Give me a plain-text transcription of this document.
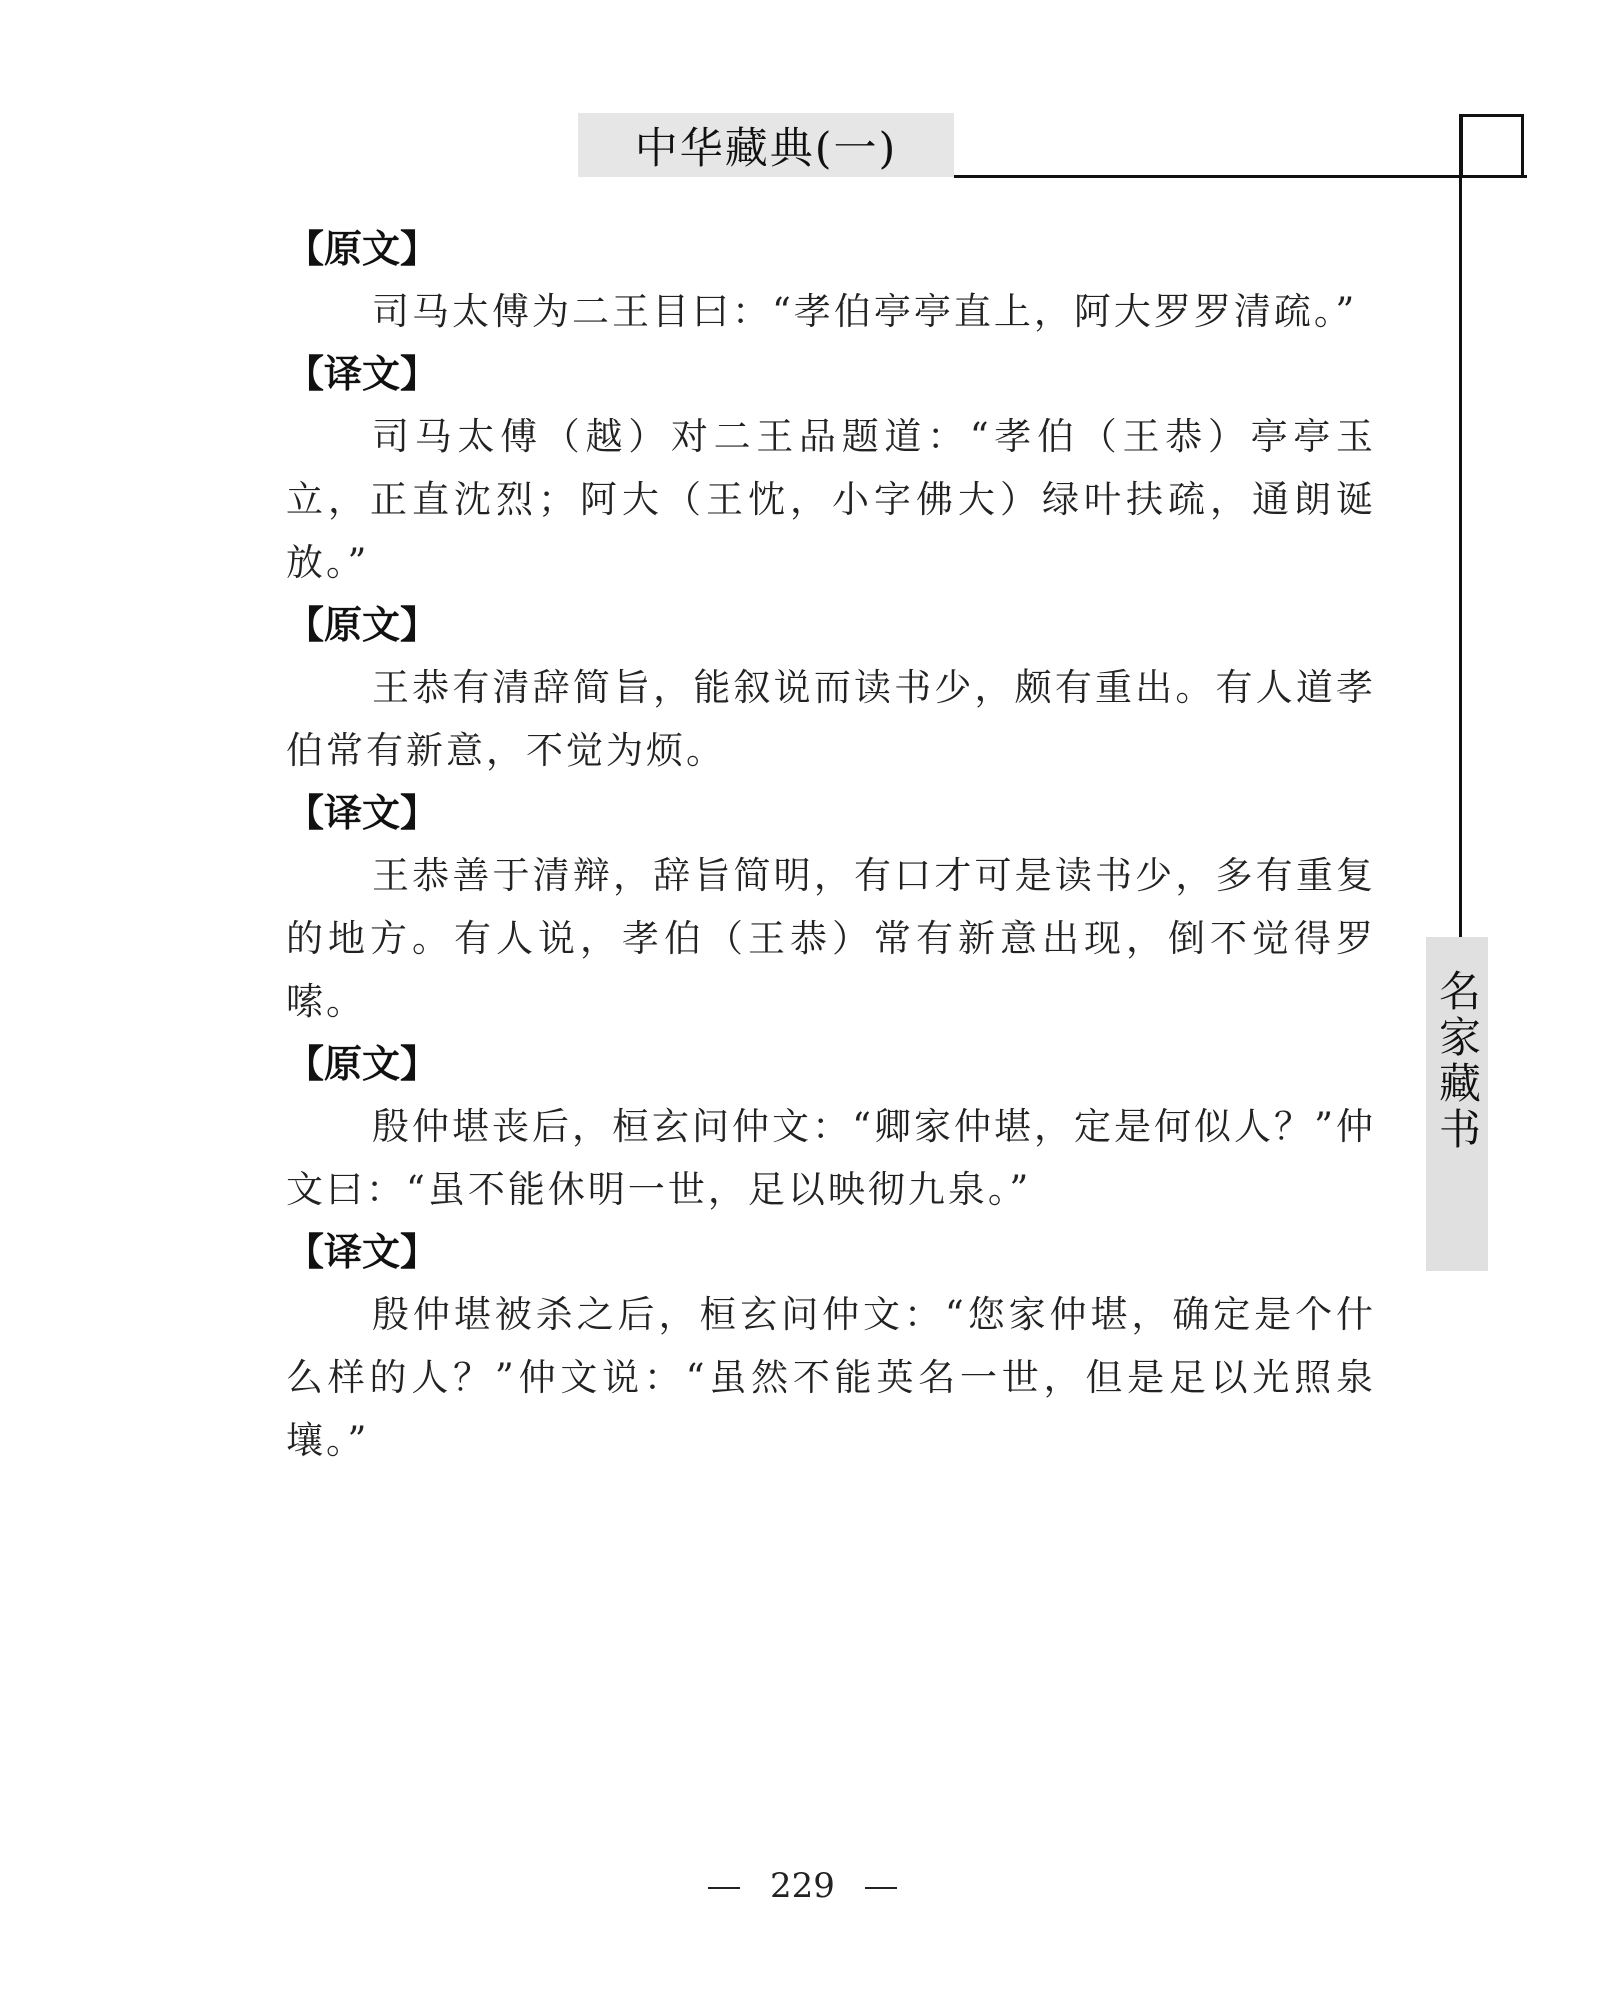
中华藏典(一)
名家藏书
【原文】

司马太傅为二王目曰：“孝伯亭亭直上，阿大罗罗清疏。”

【译文】

司马太傅（越）对二王品题道：“孝伯（王恭）亭亭玉立，正直沈烈；阿大（王忱，小字佛大）绿叶扶疏，通朗诞放。”

【原文】

王恭有清辞简旨，能叙说而读书少，颇有重出。有人道孝伯常有新意，不觉为烦。

【译文】

王恭善于清辩，辞旨简明，有口才可是读书少，多有重复的地方。有人说，孝伯（王恭）常有新意出现，倒不觉得罗嗦。

【原文】

殷仲堪丧后，桓玄问仲文：“卿家仲堪，定是何似人？”仲文曰：“虽不能休明一世，足以映彻九泉。”

【译文】

殷仲堪被杀之后，桓玄问仲文：“您家仲堪，确定是个什么样的人？”仲文说：“虽然不能英名一世，但是足以光照泉壤。”

229
